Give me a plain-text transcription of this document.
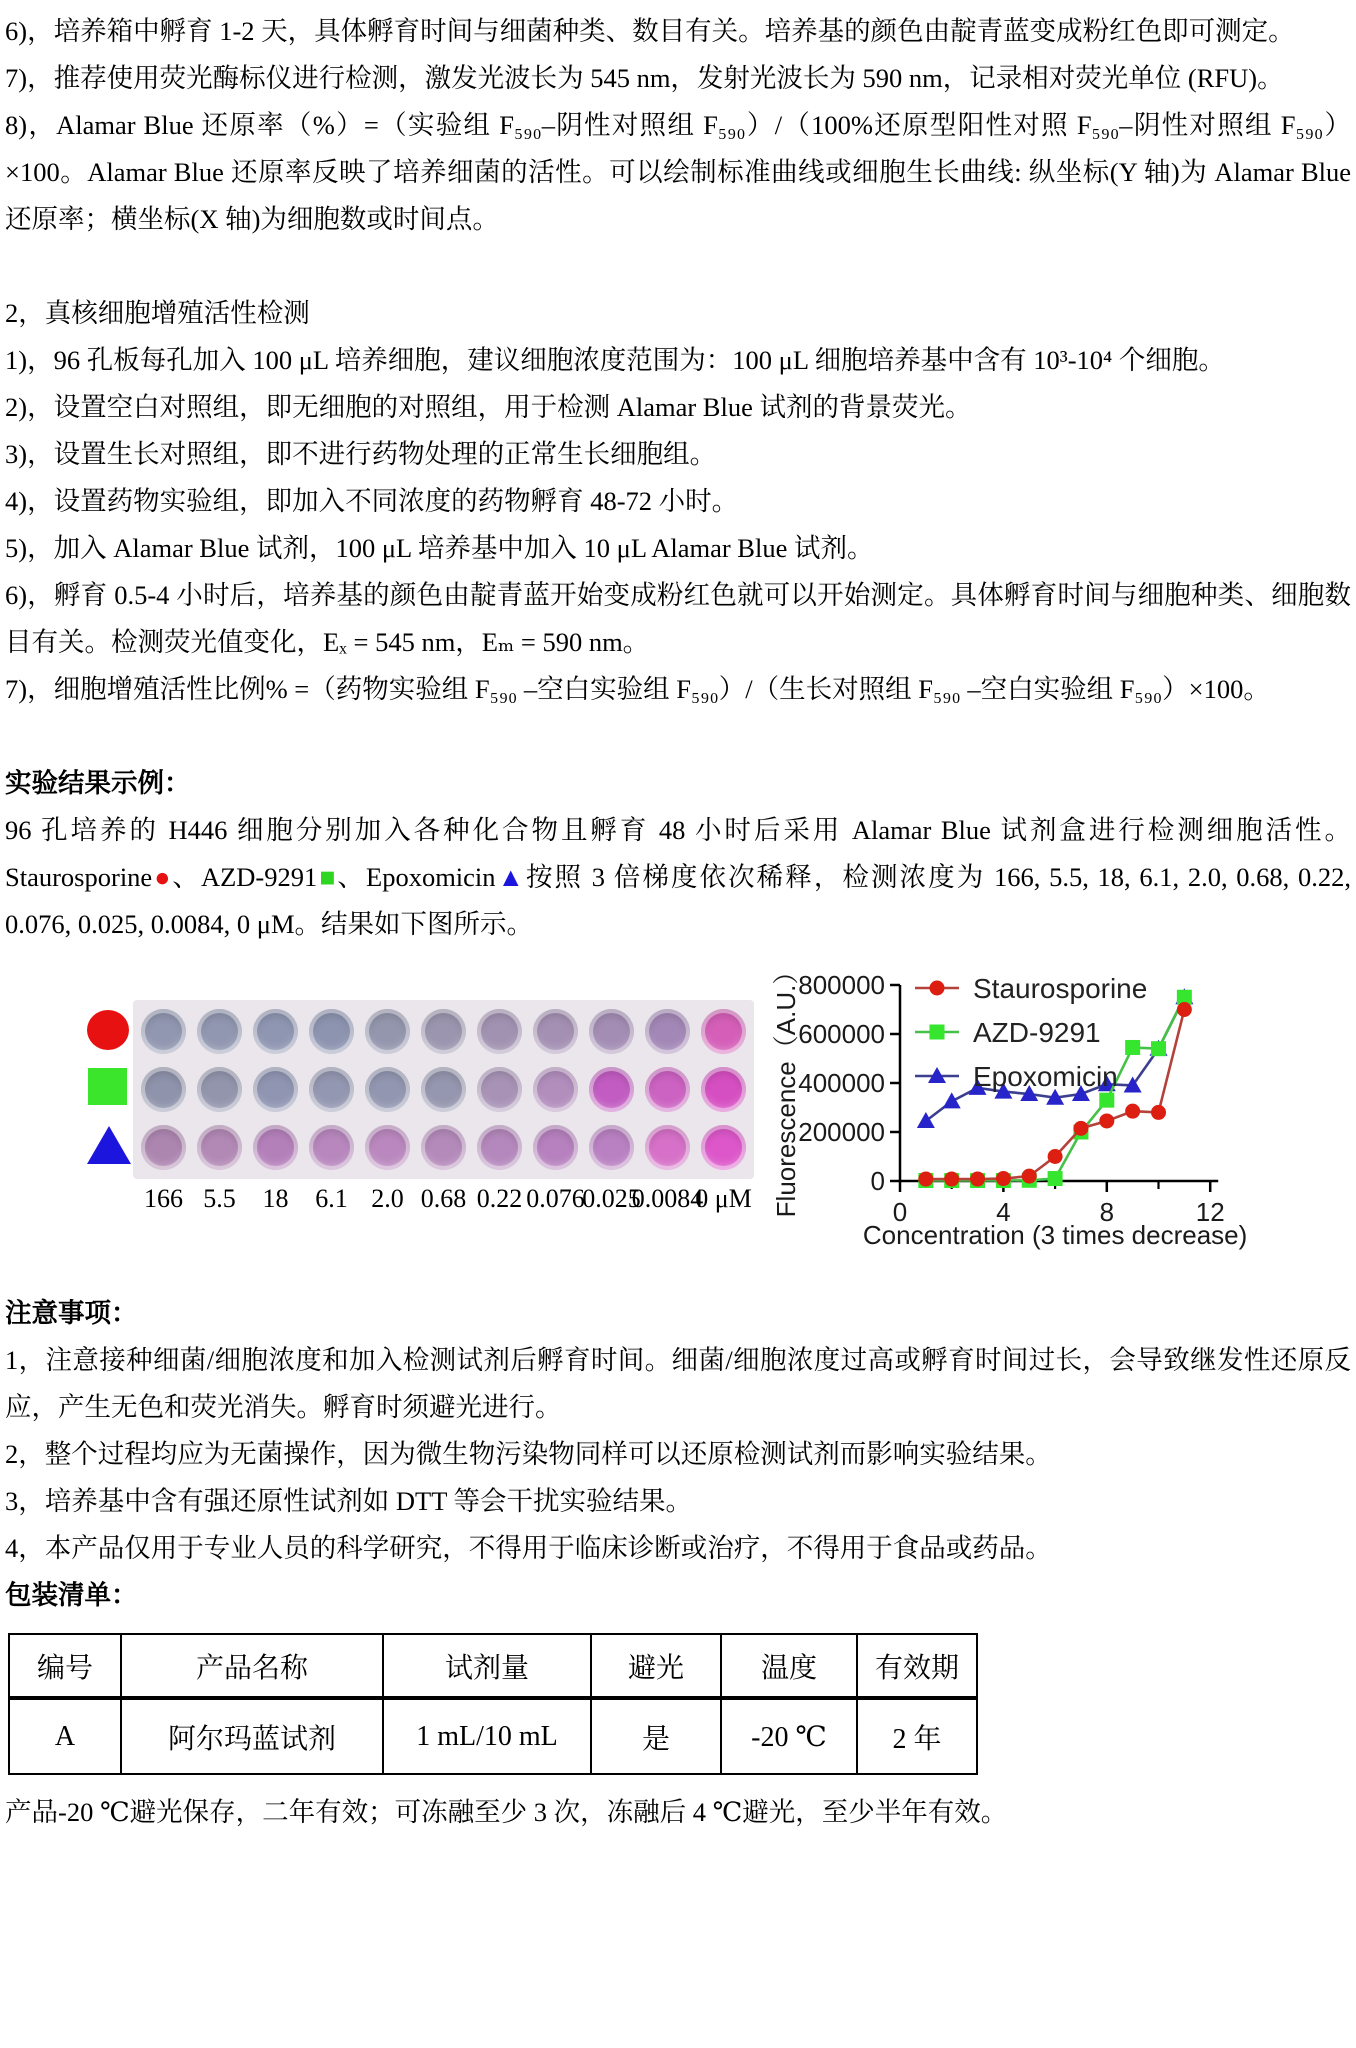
6)，培养箱中孵育 1-2 天，具体孵育时间与细菌种类、数目有关。培养基的颜色由靛青蓝变成粉红色即可测定。

7)，推荐使用荧光酶标仪进行检测，激发光波长为 545 nm，发射光波长为 590 nm，记录相对荧光单位 (RFU)。

8)，Alamar Blue 还原率（%）=（实验组 F₅₉₀–阴性对照组 F₅₉₀）/（100%还原型阳性对照 F₅₉₀–阴性对照组 F₅₉₀）×100。Alamar Blue 还原率反映了培养细菌的活性。可以绘制标准曲线或细胞生长曲线: 纵坐标(Y 轴)为 Alamar Blue 还原率；横坐标(X 轴)为细胞数或时间点。

2，真核细胞增殖活性检测

1)，96 孔板每孔加入 100 μL 培养细胞，建议细胞浓度范围为：100 μL 细胞培养基中含有 10³-10⁴ 个细胞。

2)，设置空白对照组，即无细胞的对照组，用于检测 Alamar Blue 试剂的背景荧光。

3)，设置生长对照组，即不进行药物处理的正常生长细胞组。

4)，设置药物实验组，即加入不同浓度的药物孵育 48-72 小时。

5)，加入 Alamar Blue 试剂，100 μL 培养基中加入 10 μL Alamar Blue 试剂。

6)，孵育 0.5-4 小时后，培养基的颜色由靛青蓝开始变成粉红色就可以开始测定。具体孵育时间与细胞种类、细胞数目有关。检测荧光值变化，Eₓ = 545 nm，Eₘ = 590 nm。

7)，细胞增殖活性比例% =（药物实验组 F₅₉₀ –空白实验组 F₅₉₀）/（生长对照组 F₅₉₀ –空白实验组 F₅₉₀）×100。

实验结果示例：

96 孔培养的 H446 细胞分别加入各种化合物且孵育 48 小时后采用 Alamar Blue 试剂盒进行检测细胞活性。Staurosporine●、AZD-9291■、Epoxomicin▲按照 3 倍梯度依次稀释，检测浓度为 166, 5.5, 18, 6.1, 2.0, 0.68, 0.22, 0.076, 0.025, 0.0084, 0 μM。结果如下图所示。

166 5.5 18 6.1 2.0 0.68 0.22 0.076
0.025
0.0084
0 μM
0
200000
400000
600000
800000
0	4	8	12
Staurosporine
AZD-9291
Epoxomicin
Fluorescence（A.U.）
Concentration (3 times decrease)

注意事项：

1，注意接种细菌/细胞浓度和加入检测试剂后孵育时间。细菌/细胞浓度过高或孵育时间过长，会导致继发性还原反应，产生无色和荧光消失。孵育时须避光进行。

2，整个过程均应为无菌操作，因为微生物污染物同样可以还原检测试剂而影响实验结果。

3，培养基中含有强还原性试剂如 DTT 等会干扰实验结果。

4，本产品仅用于专业人员的科学研究，不得用于临床诊断或治疗，不得用于食品或药品。

包装清单：

编号	产品名称	试剂量	避光	温度	有效期
A	阿尔玛蓝试剂	1 mL/10 mL	是	-20 ℃	2 年

产品-20 ℃避光保存，二年有效；可冻融至少 3 次，冻融后 4 ℃避光，至少半年有效。
